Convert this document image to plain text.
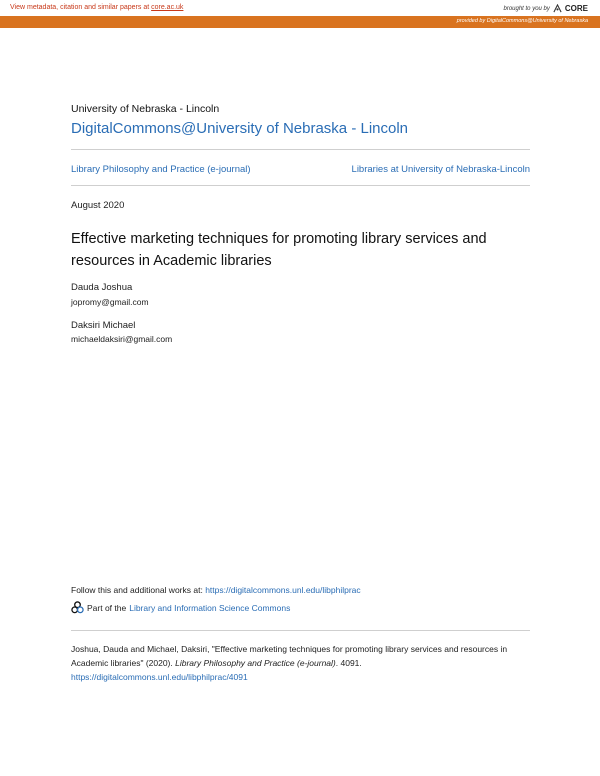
View metadata, citation and similar papers at core.ac.uk	brought to you by CORE
provided by DigitalCommons@University of Nebraska
University of Nebraska - Lincoln
DigitalCommons@University of Nebraska - Lincoln
Library Philosophy and Practice (e-journal)	Libraries at University of Nebraska-Lincoln
August 2020
Effective marketing techniques for promoting library services and resources in Academic libraries
Dauda Joshua
jopromy@gmail.com
Daksiri Michael
michaeldaksiri@gmail.com
Follow this and additional works at: https://digitalcommons.unl.edu/libphilprac
Part of the Library and Information Science Commons
Joshua, Dauda and Michael, Daksiri, "Effective marketing techniques for promoting library services and resources in Academic libraries" (2020). Library Philosophy and Practice (e-journal). 4091.
https://digitalcommons.unl.edu/libphilprac/4091
